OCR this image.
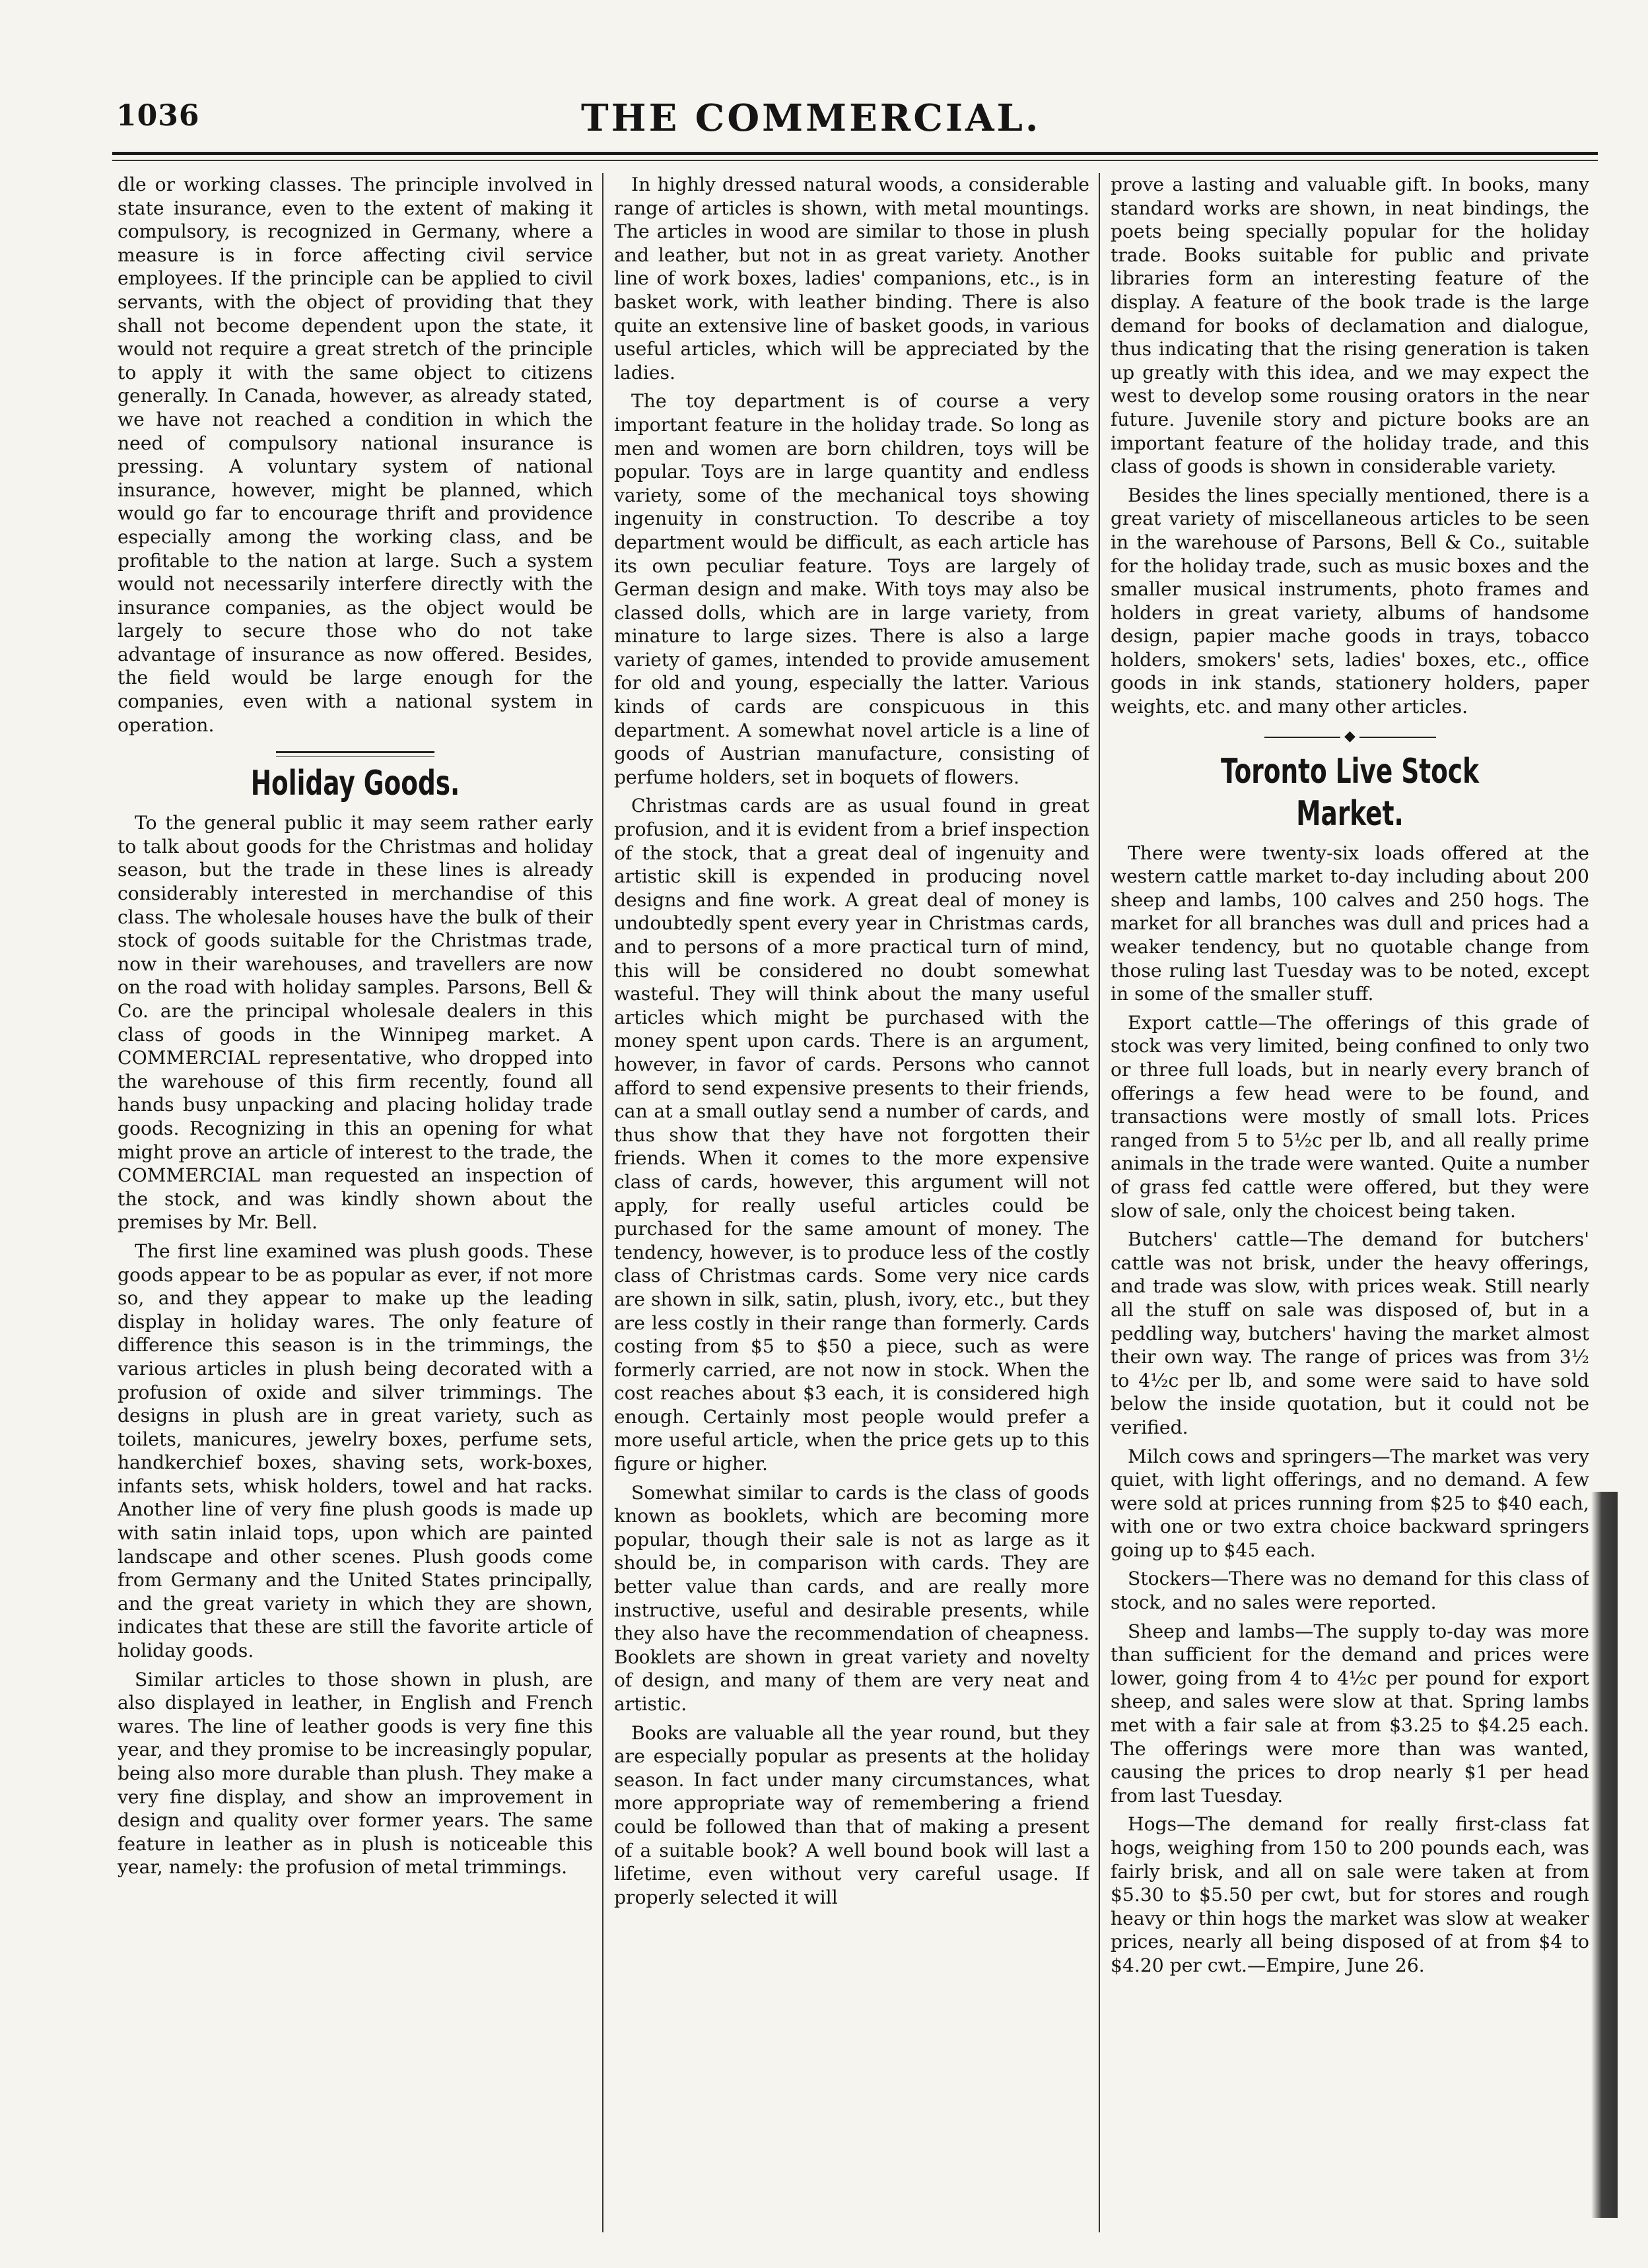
1036	THE COMMERCIAL.

dle or working classes. The principle involved in state insurance, even to the extent of making it compulsory, is recognized in Germany, where a measure is in force affecting civil service employees. If the principle can be applied to civil servants, with the object of providing that they shall not become dependent upon the state, it would not require a great stretch of the principle to apply it with the same object to citizens generally. In Canada, however, as already stated, we have not reached a condition in which the need of compulsory national insurance is pressing. A voluntary system of national insurance, however, might be planned, which would go far to encourage thrift and providence especially among the working class, and be profitable to the nation at large. Such a system would not necessarily interfere directly with the insurance companies, as the object would be largely to secure those who do not take advantage of insurance as now offered. Besides, the field would be large enough for the companies, even with a national system in operation.

Holiday Goods.

To the general public it may seem rather early to talk about goods for the Christmas and holiday season, but the trade in these lines is already considerably interested in merchandise of this class. The wholesale houses have the bulk of their stock of goods suitable for the Christmas trade, now in their warehouses, and travellers are now on the road with holiday samples. Parsons, Bell & Co. are the principal wholesale dealers in this class of goods in the Winnipeg market. A COMMERCIAL representative, who dropped into the warehouse of this firm recently, found all hands busy unpacking and placing holiday trade goods. Recognizing in this an opening for what might prove an article of interest to the trade, the COMMERCIAL man requested an inspection of the stock, and was kindly shown about the premises by Mr. Bell.

The first line examined was plush goods. These goods appear to be as popular as ever, if not more so, and they appear to make up the leading display in holiday wares. The only feature of difference this season is in the trimmings, the various articles in plush being decorated with a profusion of oxide and silver trimmings. The designs in plush are in great variety, such as toilets, manicures, jewelry boxes, perfume sets, handkerchief boxes, shaving sets, work-boxes, infants sets, whisk holders, towel and hat racks. Another line of very fine plush goods is made up with satin inlaid tops, upon which are painted landscape and other scenes. Plush goods come from Germany and the United States principally, and the great variety in which they are shown, indicates that these are still the favorite article of holiday goods.

Similar articles to those shown in plush, are also displayed in leather, in English and French wares. The line of leather goods is very fine this year, and they promise to be increasingly popular, being also more durable than plush. They make a very fine display, and show an improvement in design and quality over former years. The same feature in leather as in plush is noticeable this year, namely: the profusion of metal trimmings.

In highly dressed natural woods, a considerable range of articles is shown, with metal mountings. The articles in wood are similar to those in plush and leather, but not in as great variety. Another line of work boxes, ladies' companions, etc., is in basket work, with leather binding. There is also quite an extensive line of basket goods, in various useful articles, which will be appreciated by the ladies.

The toy department is of course a very important feature in the holiday trade. So long as men and women are born children, toys will be popular. Toys are in large quantity and endless variety, some of the mechanical toys showing ingenuity in construction. To describe a toy department would be difficult, as each article has its own peculiar feature. Toys are largely of German design and make. With toys may also be classed dolls, which are in large variety, from minature to large sizes. There is also a large variety of games, intended to provide amusement for old and young, especially the latter. Various kinds of cards are conspicuous in this department. A somewhat novel article is a line of goods of Austrian manufacture, consisting of perfume holders, set in boquets of flowers.

Christmas cards are as usual found in great profusion, and it is evident from a brief inspection of the stock, that a great deal of ingenuity and artistic skill is expended in producing novel designs and fine work. A great deal of money is undoubtedly spent every year in Christmas cards, and to persons of a more practical turn of mind, this will be considered no doubt somewhat wasteful. They will think about the many useful articles which might be purchased with the money spent upon cards. There is an argument, however, in favor of cards. Persons who cannot afford to send expensive presents to their friends, can at a small outlay send a number of cards, and thus show that they have not forgotten their friends. When it comes to the more expensive class of cards, however, this argument will not apply, for really useful articles could be purchased for the same amount of money. The tendency, however, is to produce less of the costly class of Christmas cards. Some very nice cards are shown in silk, satin, plush, ivory, etc., but they are less costly in their range than formerly. Cards costing from $5 to $50 a piece, such as were formerly carried, are not now in stock. When the cost reaches about $3 each, it is considered high enough. Certainly most people would prefer a more useful article, when the price gets up to this figure or higher.

Somewhat similar to cards is the class of goods known as booklets, which are becoming more popular, though their sale is not as large as it should be, in comparison with cards. They are better value than cards, and are really more instructive, useful and desirable presents, while they also have the recommendation of cheapness. Booklets are shown in great variety and novelty of design, and many of them are very neat and artistic.

Books are valuable all the year round, but they are especially popular as presents at the holiday season. In fact under many circumstances, what more appropriate way of remembering a friend could be followed than that of making a present of a suitable book? A well bound book will last a lifetime, even without very careful usage. If properly selected it will

prove a lasting and valuable gift. In books, many standard works are shown, in neat bindings, the poets being specially popular for the holiday trade. Books suitable for public and private libraries form an interesting feature of the display. A feature of the book trade is the large demand for books of declamation and dialogue, thus indicating that the rising generation is taken up greatly with this idea, and we may expect the west to develop some rousing orators in the near future. Juvenile story and picture books are an important feature of the holiday trade, and this class of goods is shown in considerable variety.

Besides the lines specially mentioned, there is a great variety of miscellaneous articles to be seen in the warehouse of Parsons, Bell & Co., suitable for the holiday trade, such as music boxes and the smaller musical instruments, photo frames and holders in great variety, albums of handsome design, papier mache goods in trays, tobacco holders, smokers' sets, ladies' boxes, etc., office goods in ink stands, stationery holders, paper weights, etc. and many other articles.

◆
Toronto Live Stock Market.

There were twenty-six loads offered at the western cattle market to-day including about 200 sheep and lambs, 100 calves and 250 hogs. The market for all branches was dull and prices had a weaker tendency, but no quotable change from those ruling last Tuesday was to be noted, except in some of the smaller stuff.

Export cattle—The offerings of this grade of stock was very limited, being confined to only two or three full loads, but in nearly every branch of offerings a few head were to be found, and transactions were mostly of small lots. Prices ranged from 5 to 5½c per lb, and all really prime animals in the trade were wanted. Quite a number of grass fed cattle were offered, but they were slow of sale, only the choicest being taken.

Butchers' cattle—The demand for butchers' cattle was not brisk, under the heavy offerings, and trade was slow, with prices weak. Still nearly all the stuff on sale was disposed of, but in a peddling way, butchers' having the market almost their own way. The range of prices was from 3½ to 4½c per lb, and some were said to have sold below the inside quotation, but it could not be verified.

Milch cows and springers—The market was very quiet, with light offerings, and no demand. A few were sold at prices running from $25 to $40 each, with one or two extra choice backward springers going up to $45 each.

Stockers—There was no demand for this class of stock, and no sales were reported.

Sheep and lambs—The supply to-day was more than sufficient for the demand and prices were lower, going from 4 to 4½c per pound for export sheep, and sales were slow at that. Spring lambs met with a fair sale at from $3.25 to $4.25 each. The offerings were more than was wanted, causing the prices to drop nearly $1 per head from last Tuesday.

Hogs—The demand for really first-class fat hogs, weighing from 150 to 200 pounds each, was fairly brisk, and all on sale were taken at from $5.30 to $5.50 per cwt, but for stores and rough heavy or thin hogs the market was slow at weaker prices, nearly all being disposed of at from $4 to $4.20 per cwt.—Empire, June 26.
